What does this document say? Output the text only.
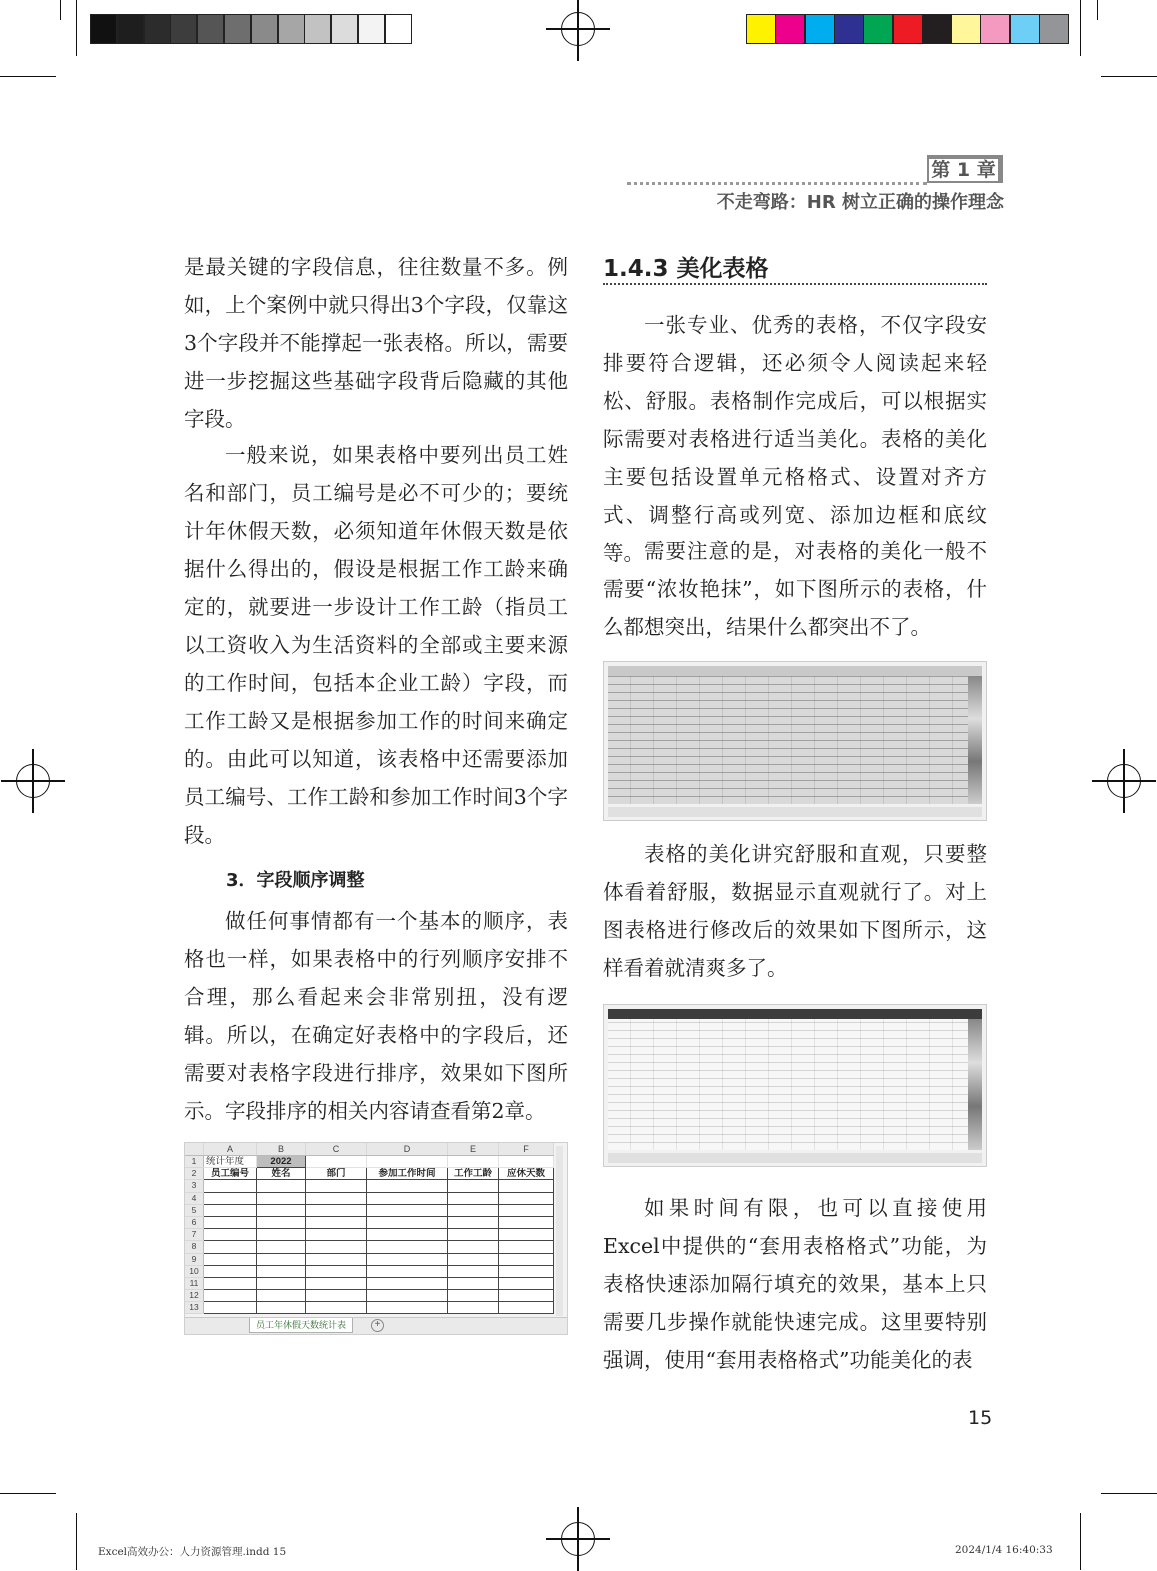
第 1 章
不走弯路：HR 树立正确的操作理念

是最关键的字段信息，往往数量不多。例如，上个案例中就只得出3个字段，仅靠这3个字段并不能撑起一张表格。所以，需要进一步挖掘这些基础字段背后隐藏的其他字段。

一般来说，如果表格中要列出员工姓名和部门，员工编号是必不可少的；要统计年休假天数，必须知道年休假天数是依据什么得出的，假设是根据工作工龄来确定的，就要进一步设计工作工龄（指员工以工资收入为生活资料的全部或主要来源的工作时间，包括本企业工龄）字段，而工作工龄又是根据参加工作的时间来确定的。由此可以知道，该表格中还需要添加员工编号、工作工龄和参加工作时间3个字段。

3．字段顺序调整

做任何事情都有一个基本的顺序，表格也一样，如果表格中的行列顺序安排不合理，那么看起来会非常别扭，没有逻辑。所以，在确定好表格中的字段后，还需要对表格字段进行排序，效果如下图所示。字段排序的相关内容请查看第2章。

	A	B	C	D	E	F
1	统计年度	2022				
2	员工编号	姓名	部门	参加工作时间	工作工龄	应休天数
3						
4						
5						
6						
7						
8						
9						
10						
11						
12						
13						
员工年休假天数统计表	+
1.4.3 美化表格

一张专业、优秀的表格，不仅字段安排要符合逻辑，还必须令人阅读起来轻松、舒服。表格制作完成后，可以根据实际需要对表格进行适当美化。表格的美化主要包括设置单元格格式、设置对齐方式、调整行高或列宽、添加边框和底纹等。 需要注意的是，对表格的美化一般不需要“浓妆艳抹”，如下图所示的表格，什么都想突出，结果什么都突出不了。

表格的美化讲究舒服和直观，只要整体看着舒服，数据显示直观就行了。对上图表格进行修改后的效果如下图所示，这样看着就清爽多了。

如果时间有限，也可以直接使用Excel中提供的“套用表格格式”功能，为表格快速添加隔行填充的效果，基本上只需要几步操作就能快速完成。这里要特别强调，使用“套用表格格式”功能美化的表

15
Excel高效办公：人力资源管理.indd 15	2024/1/4 16:40:33
